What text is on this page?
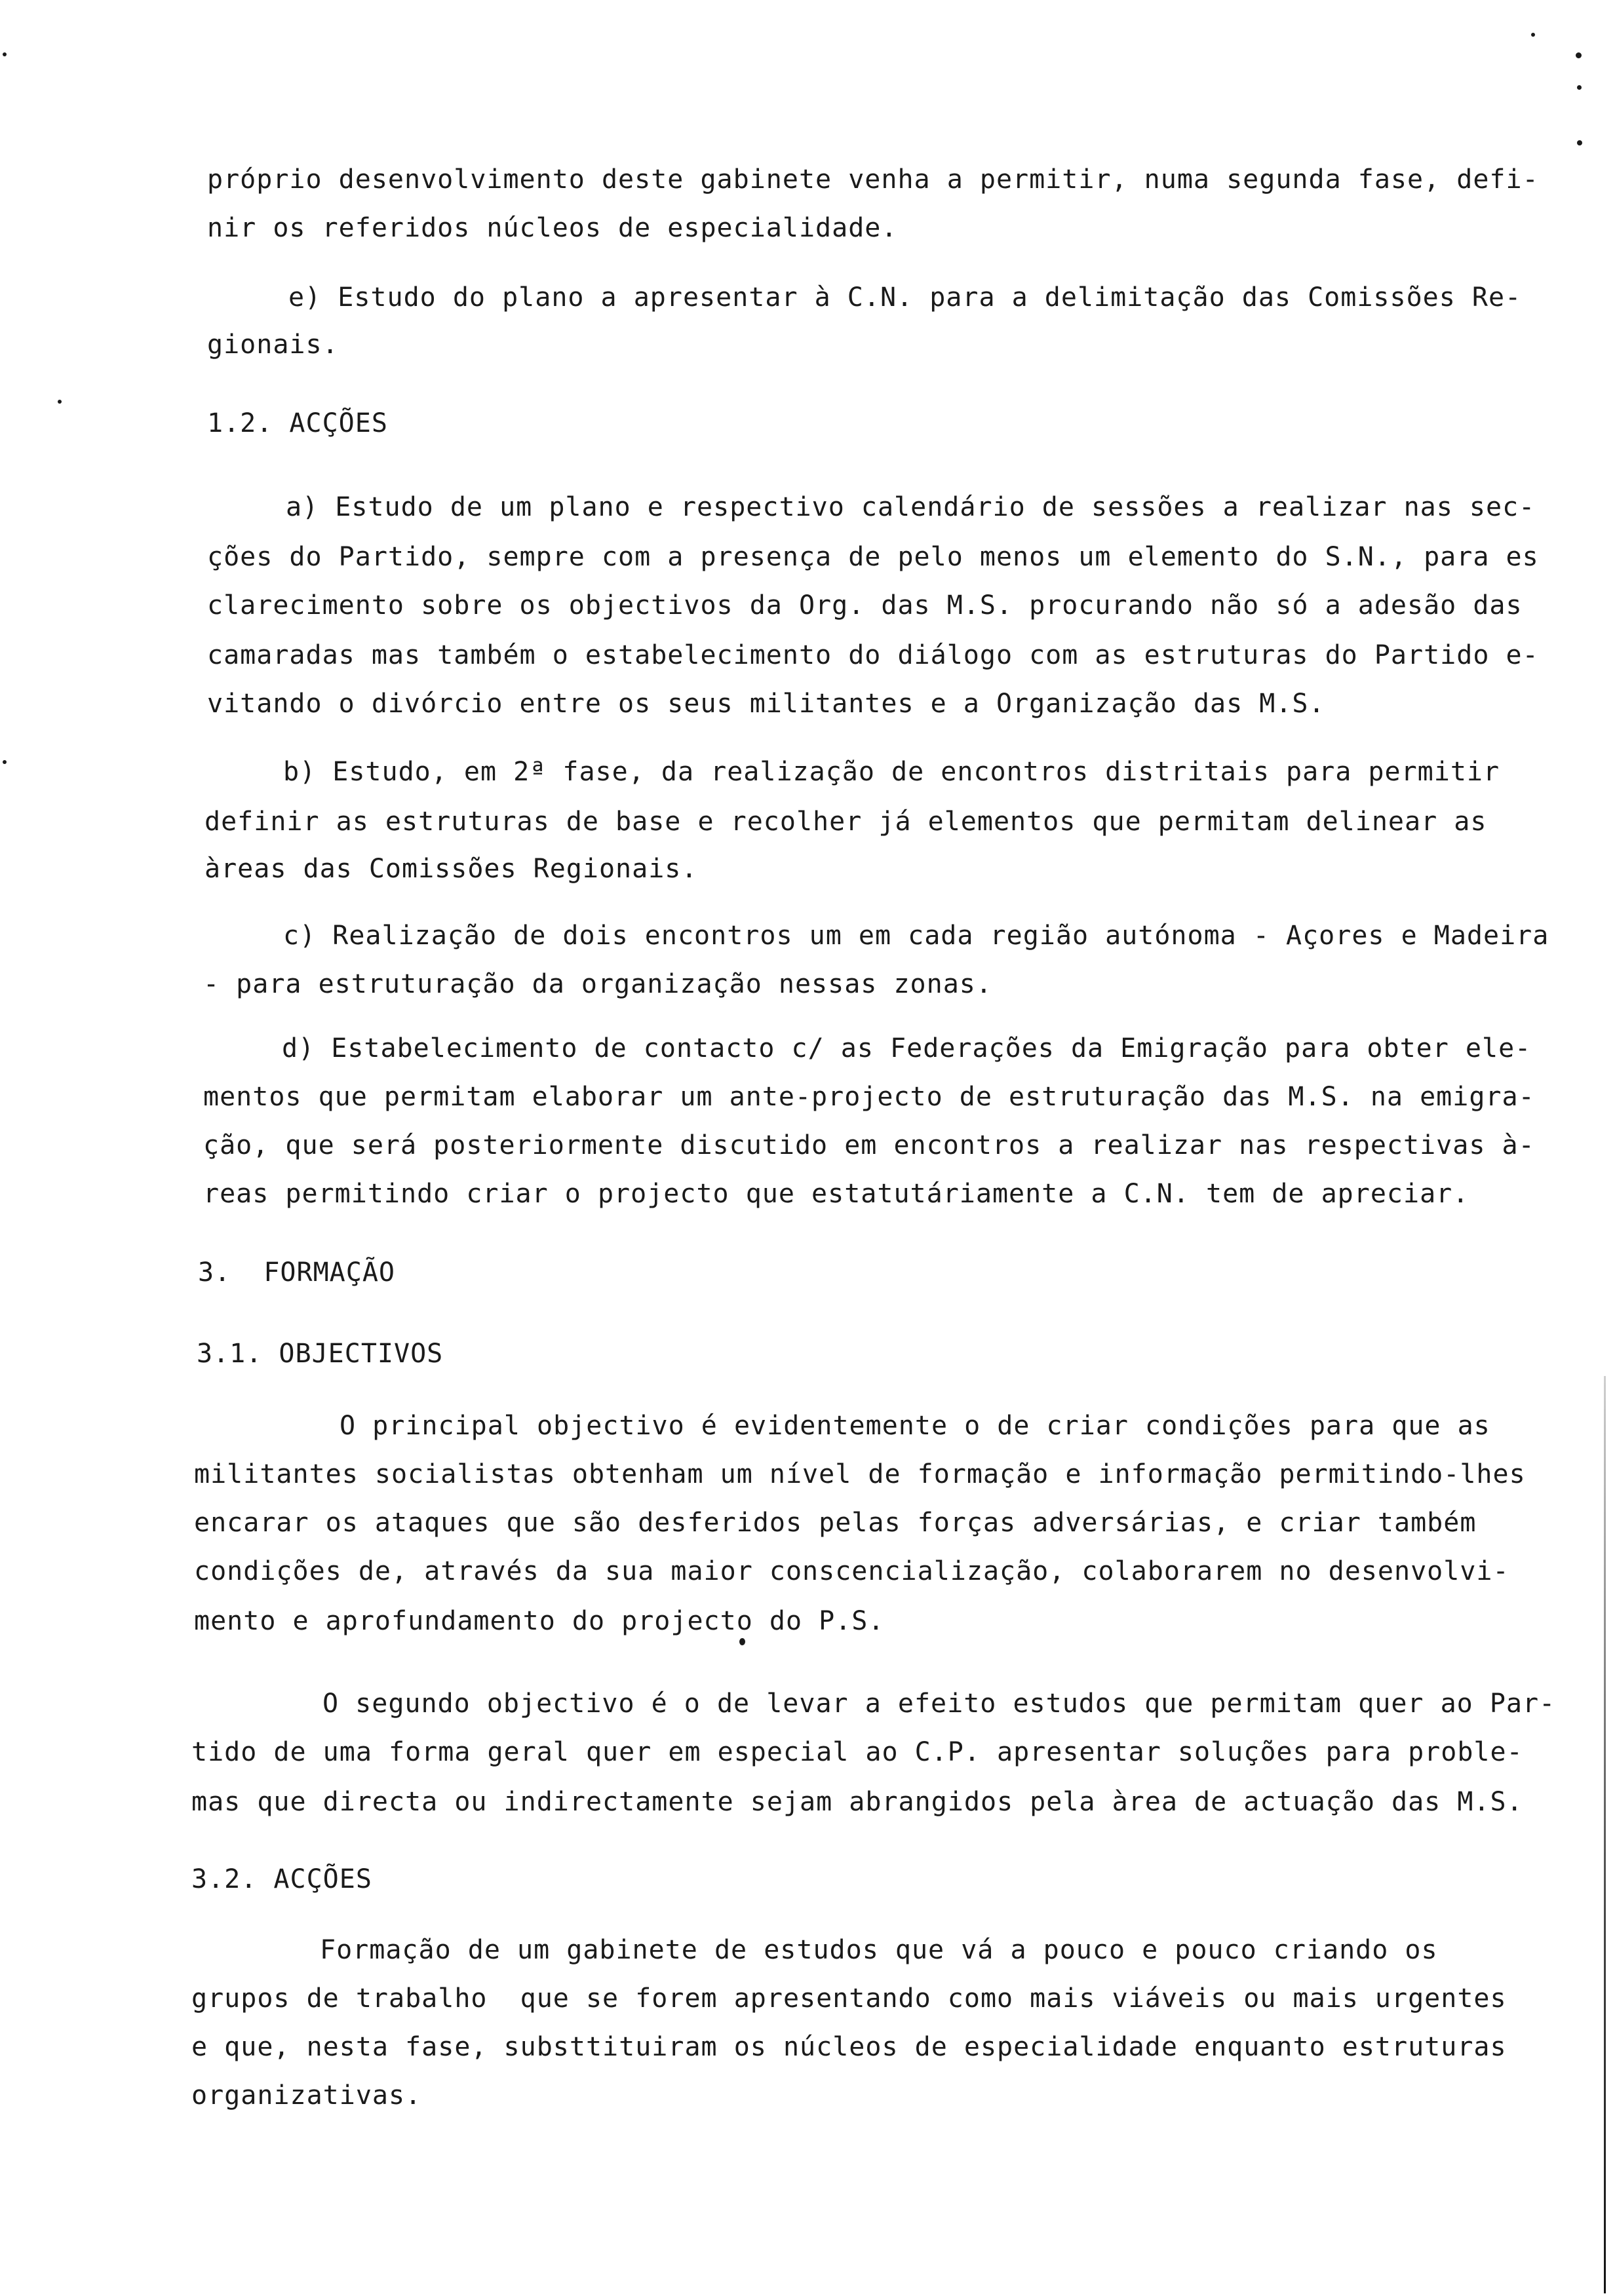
próprio desenvolvimento deste gabinete venha a permitir, numa segunda fase, defi-
nir os referidos núcleos de especialidade.
e) Estudo do plano a apresentar à C.N. para a delimitação das Comissões Re-
gionais.
1.2. ACÇÕES
a) Estudo de um plano e respectivo calendário de sessões a realizar nas sec-
ções do Partido, sempre com a presença de pelo menos um elemento do S.N., para es
clarecimento sobre os objectivos da Org. das M.S. procurando não só a adesão das
camaradas mas também o estabelecimento do diálogo com as estruturas do Partido e-
vitando o divórcio entre os seus militantes e a Organização das M.S.
b) Estudo, em 2ª fase, da realização de encontros distritais para permitir
definir as estruturas de base e recolher já elementos que permitam delinear as
àreas das Comissões Regionais.
c) Realização de dois encontros um em cada região autónoma - Açores e Madeira
- para estruturação da organização nessas zonas.
d) Estabelecimento de contacto c/ as Federações da Emigração para obter ele-
mentos que permitam elaborar um ante-projecto de estruturação das M.S. na emigra-
ção, que será posteriormente discutido em encontros a realizar nas respectivas à-
reas permitindo criar o projecto que estatutáriamente a C.N. tem de apreciar.
3.  FORMAÇÃO
3.1. OBJECTIVOS
O principal objectivo é evidentemente o de criar condições para que as
militantes socialistas obtenham um nível de formação e informação permitindo-lhes
encarar os ataques que são desferidos pelas forças adversárias, e criar também
condições de, através da sua maior conscencialização, colaborarem no desenvolvi-
mento e aprofundamento do projecto do P.S.
O segundo objectivo é o de levar a efeito estudos que permitam quer ao Par-
tido de uma forma geral quer em especial ao C.P. apresentar soluções para proble-
mas que directa ou indirectamente sejam abrangidos pela àrea de actuação das M.S.
3.2. ACÇÕES
Formação de um gabinete de estudos que vá a pouco e pouco criando os
grupos de trabalho  que se forem apresentando como mais viáveis ou mais urgentes
e que, nesta fase, substtituiram os núcleos de especialidade enquanto estruturas
organizativas.
